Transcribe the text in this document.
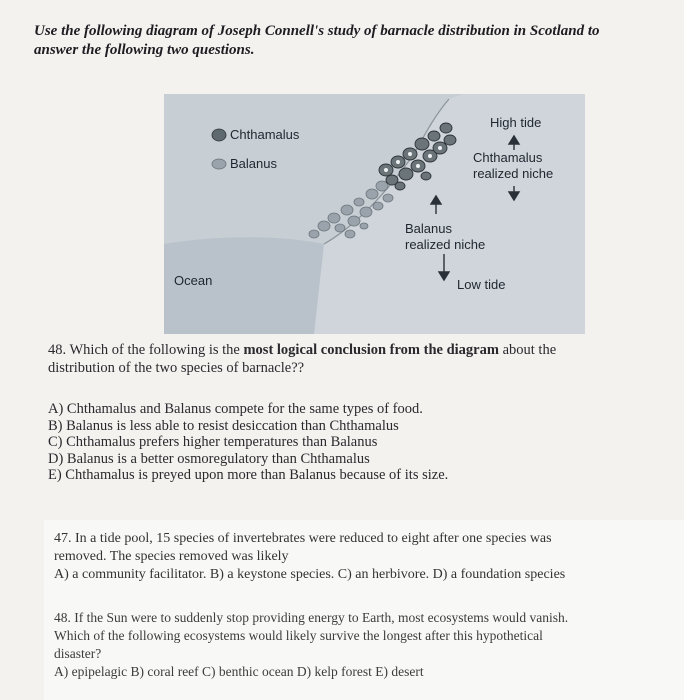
Use the following diagram of Joseph Connell's study of barnacle distribution in Scotland to
answer the following two questions.
Chthamalus
Balanus
High tide
Chthamalus
realized niche
Balanus
realized niche
Ocean	Low tide
48. Which of the following is the most logical conclusion from the diagram about the
distribution of the two species of barnacle??
A) Chthamalus and Balanus compete for the same types of food.
B) Balanus is less able to resist desiccation than Chthamalus
C) Chthamalus prefers higher temperatures than Balanus
D) Balanus is a better osmoregulatory than Chthamalus
E) Chthamalus is preyed upon more than Balanus because of its size.
47. In a tide pool, 15 species of invertebrates were reduced to eight after one species was
removed. The species removed was likely
A) a community facilitator. B) a keystone species. C) an herbivore. D) a foundation species
48. If the Sun were to suddenly stop providing energy to Earth, most ecosystems would vanish.
Which of the following ecosystems would likely survive the longest after this hypothetical
disaster?
A) epipelagic B) coral reef C) benthic ocean D) kelp forest E) desert
